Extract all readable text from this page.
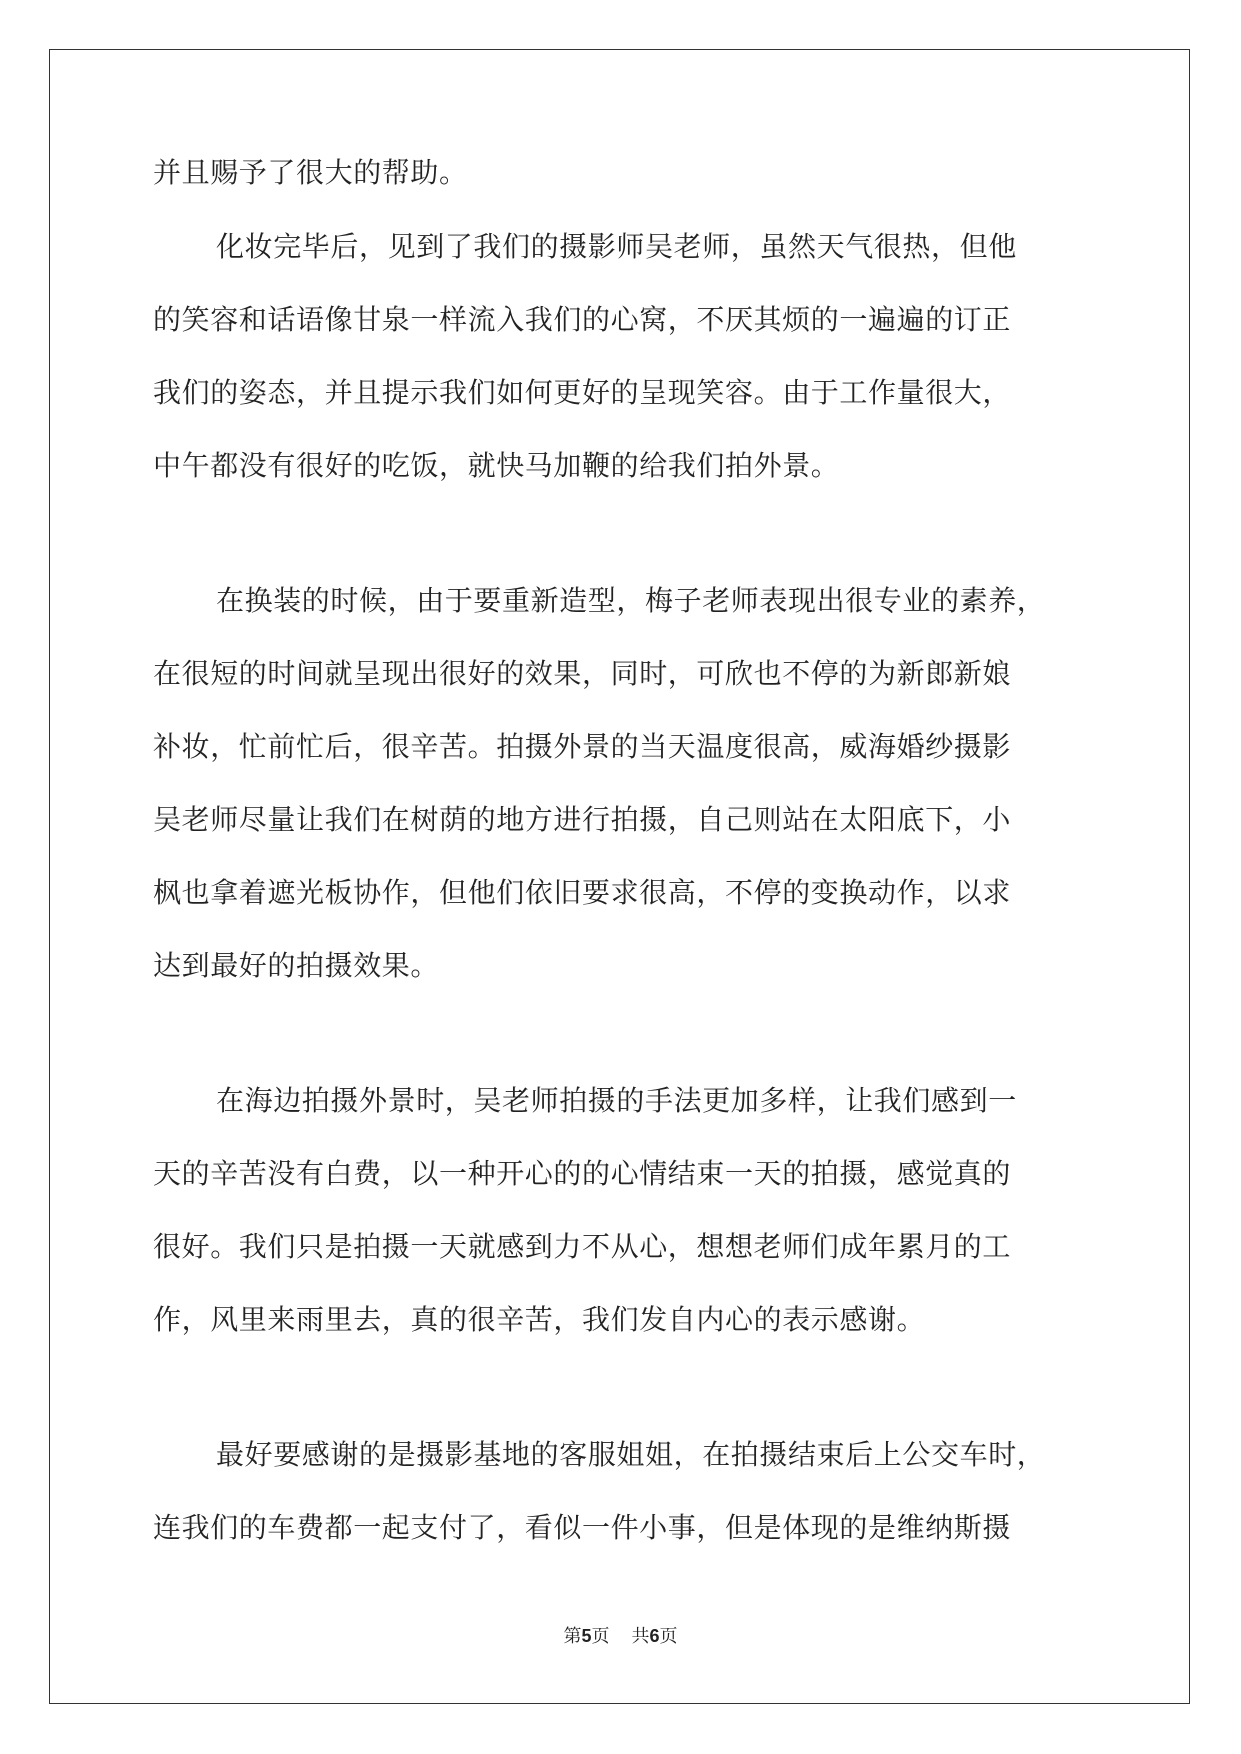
并且赐予了很大的帮助。
化妆完毕后，见到了我们的摄影师吴老师，虽然天气很热，但他
的笑容和话语像甘泉一样流入我们的心窝，不厌其烦的一遍遍的订正
我们的姿态，并且提示我们如何更好的呈现笑容。由于工作量很大，
中午都没有很好的吃饭，就快马加鞭的给我们拍外景。
在换装的时候，由于要重新造型，梅子老师表现出很专业的素养，
在很短的时间就呈现出很好的效果，同时，可欣也不停的为新郎新娘
补妆，忙前忙后，很辛苦。拍摄外景的当天温度很高，威海婚纱摄影
吴老师尽量让我们在树荫的地方进行拍摄，自己则站在太阳底下，小
枫也拿着遮光板协作，但他们依旧要求很高，不停的变换动作，以求
达到最好的拍摄效果。
在海边拍摄外景时，吴老师拍摄的手法更加多样，让我们感到一
天的辛苦没有白费，以一种开心的的心情结束一天的拍摄，感觉真的
很好。我们只是拍摄一天就感到力不从心，想想老师们成年累月的工
作，风里来雨里去，真的很辛苦，我们发自内心的表示感谢。
最好要感谢的是摄影基地的客服姐姐，在拍摄结束后上公交车时，
连我们的车费都一起支付了，看似一件小事，但是体现的是维纳斯摄
第5页 共6页
